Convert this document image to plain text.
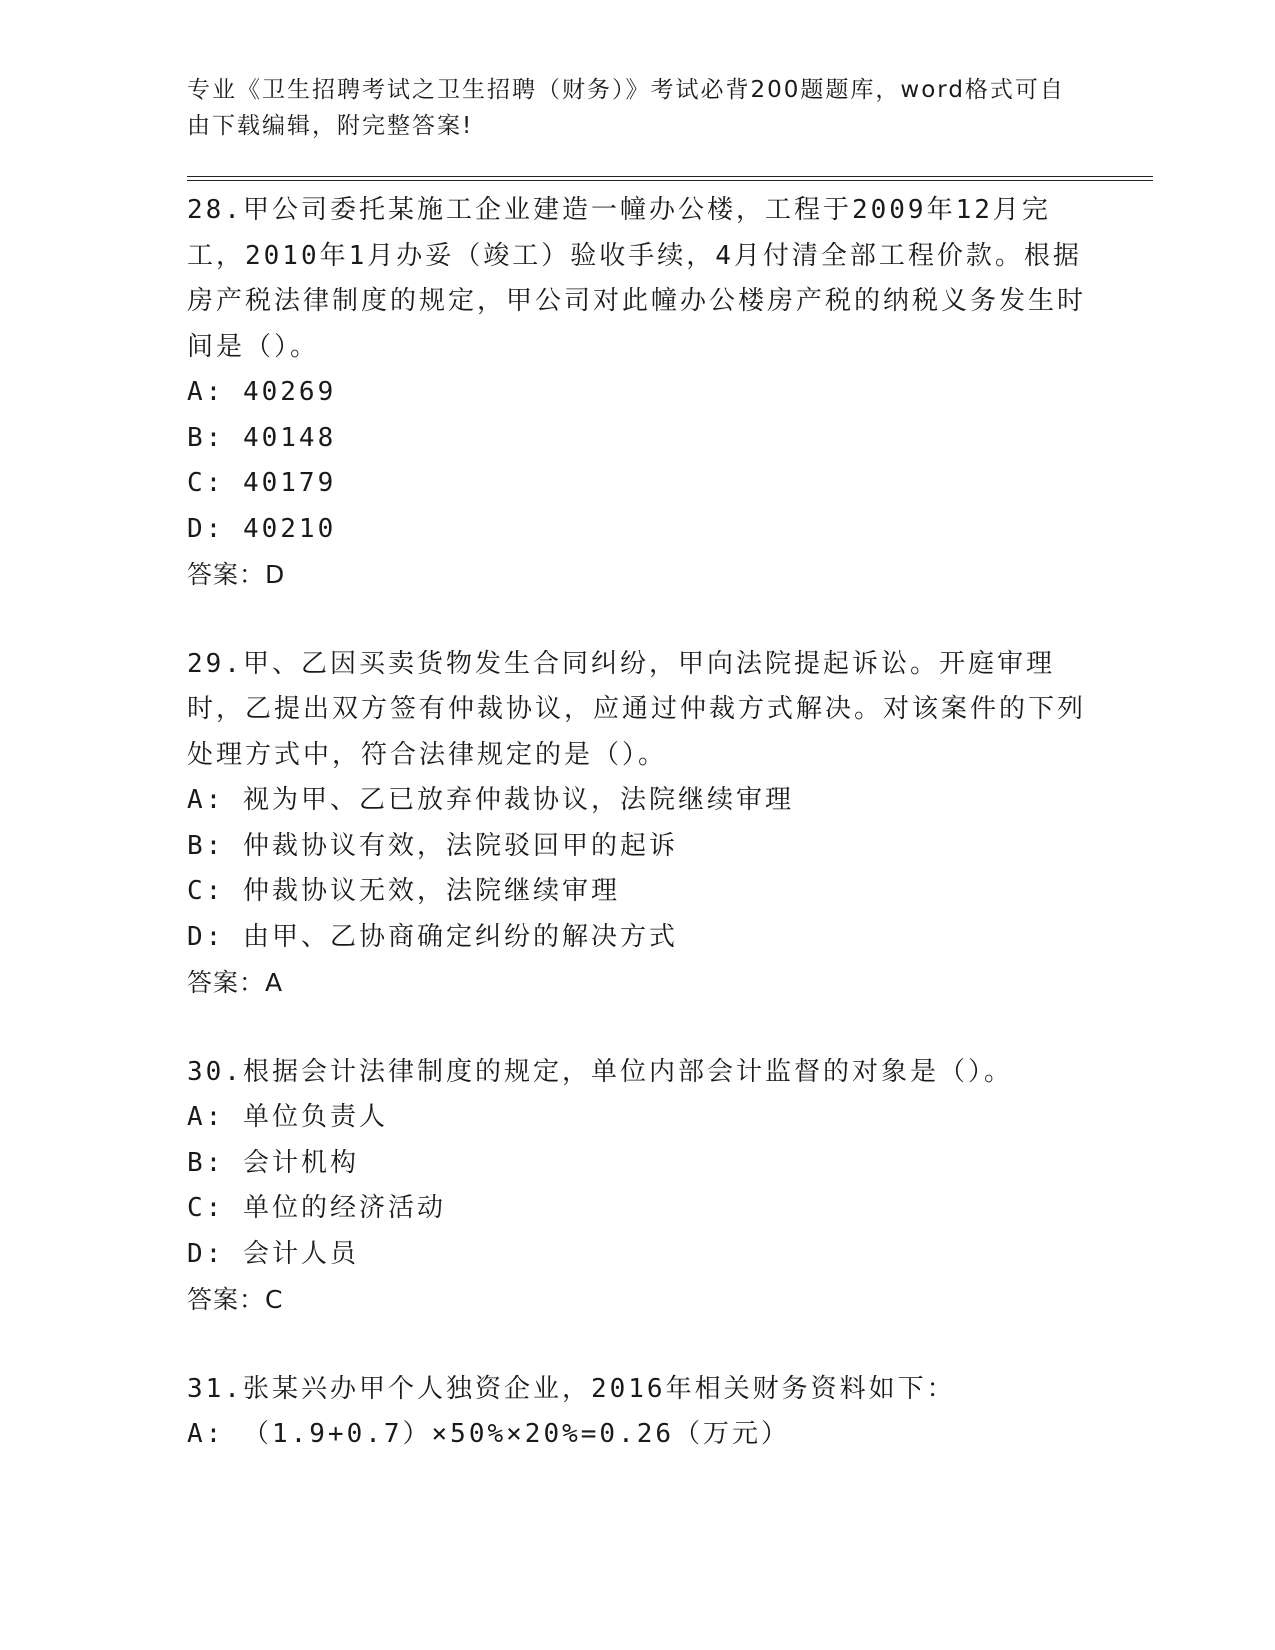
专业《卫生招聘考试之卫生招聘（财务）》考试必背200题题库，word格式可自由下载编辑，附完整答案!

28.甲公司委托某施工企业建造一幢办公楼，工程于2009年12月完工，2010年1月办妥（竣工）验收手续，4月付清全部工程价款。根据房产税法律制度的规定，甲公司对此幢办公楼房产税的纳税义务发生时间是（）。

A: 40269

B: 40148

C: 40179

D: 40210

答案：D

29.甲、乙因买卖货物发生合同纠纷，甲向法院提起诉讼。开庭审理时，乙提出双方签有仲裁协议，应通过仲裁方式解决。对该案件的下列处理方式中，符合法律规定的是（）。

A: 视为甲、乙已放弃仲裁协议，法院继续审理

B: 仲裁协议有效，法院驳回甲的起诉

C: 仲裁协议无效，法院继续审理

D: 由甲、乙协商确定纠纷的解决方式

答案：A

30.根据会计法律制度的规定，单位内部会计监督的对象是（）。

A: 单位负责人

B: 会计机构

C: 单位的经济活动

D: 会计人员

答案：C

31.张某兴办甲个人独资企业，2016年相关财务资料如下：

A: （1.9+0.7）×50%×20%=0.26（万元）
